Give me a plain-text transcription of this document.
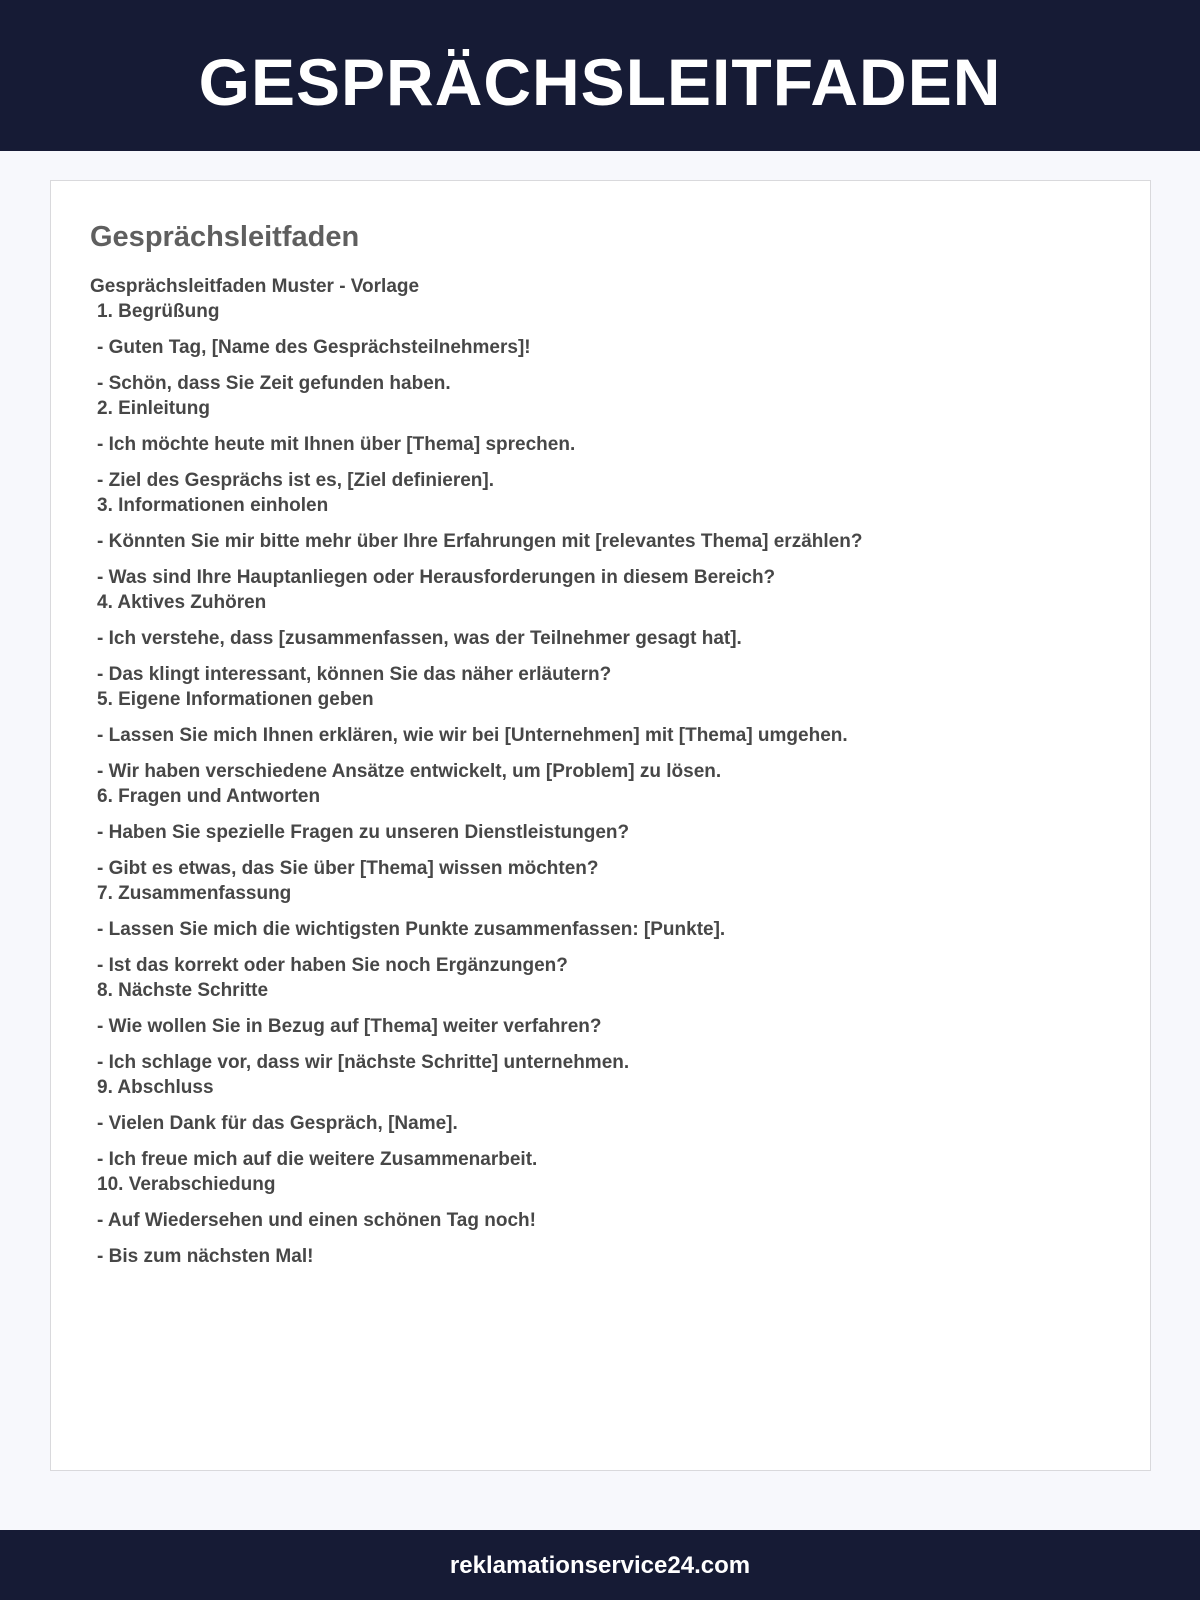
GESPRÄCHSLEITFADEN
Gesprächsleitfaden
Gesprächsleitfaden Muster - Vorlage
1. Begrüßung
- Guten Tag, [Name des Gesprächsteilnehmers]!
- Schön, dass Sie Zeit gefunden haben.
2. Einleitung
- Ich möchte heute mit Ihnen über [Thema] sprechen.
- Ziel des Gesprächs ist es, [Ziel definieren].
3. Informationen einholen
- Könnten Sie mir bitte mehr über Ihre Erfahrungen mit [relevantes Thema] erzählen?
- Was sind Ihre Hauptanliegen oder Herausforderungen in diesem Bereich?
4. Aktives Zuhören
- Ich verstehe, dass [zusammenfassen, was der Teilnehmer gesagt hat].
- Das klingt interessant, können Sie das näher erläutern?
5. Eigene Informationen geben
- Lassen Sie mich Ihnen erklären, wie wir bei [Unternehmen] mit [Thema] umgehen.
- Wir haben verschiedene Ansätze entwickelt, um [Problem] zu lösen.
6. Fragen und Antworten
- Haben Sie spezielle Fragen zu unseren Dienstleistungen?
- Gibt es etwas, das Sie über [Thema] wissen möchten?
7. Zusammenfassung
- Lassen Sie mich die wichtigsten Punkte zusammenfassen: [Punkte].
- Ist das korrekt oder haben Sie noch Ergänzungen?
8. Nächste Schritte
- Wie wollen Sie in Bezug auf [Thema] weiter verfahren?
- Ich schlage vor, dass wir [nächste Schritte] unternehmen.
9. Abschluss
- Vielen Dank für das Gespräch, [Name].
- Ich freue mich auf die weitere Zusammenarbeit.
10. Verabschiedung
- Auf Wiedersehen und einen schönen Tag noch!
- Bis zum nächsten Mal!
reklamationservice24.com
